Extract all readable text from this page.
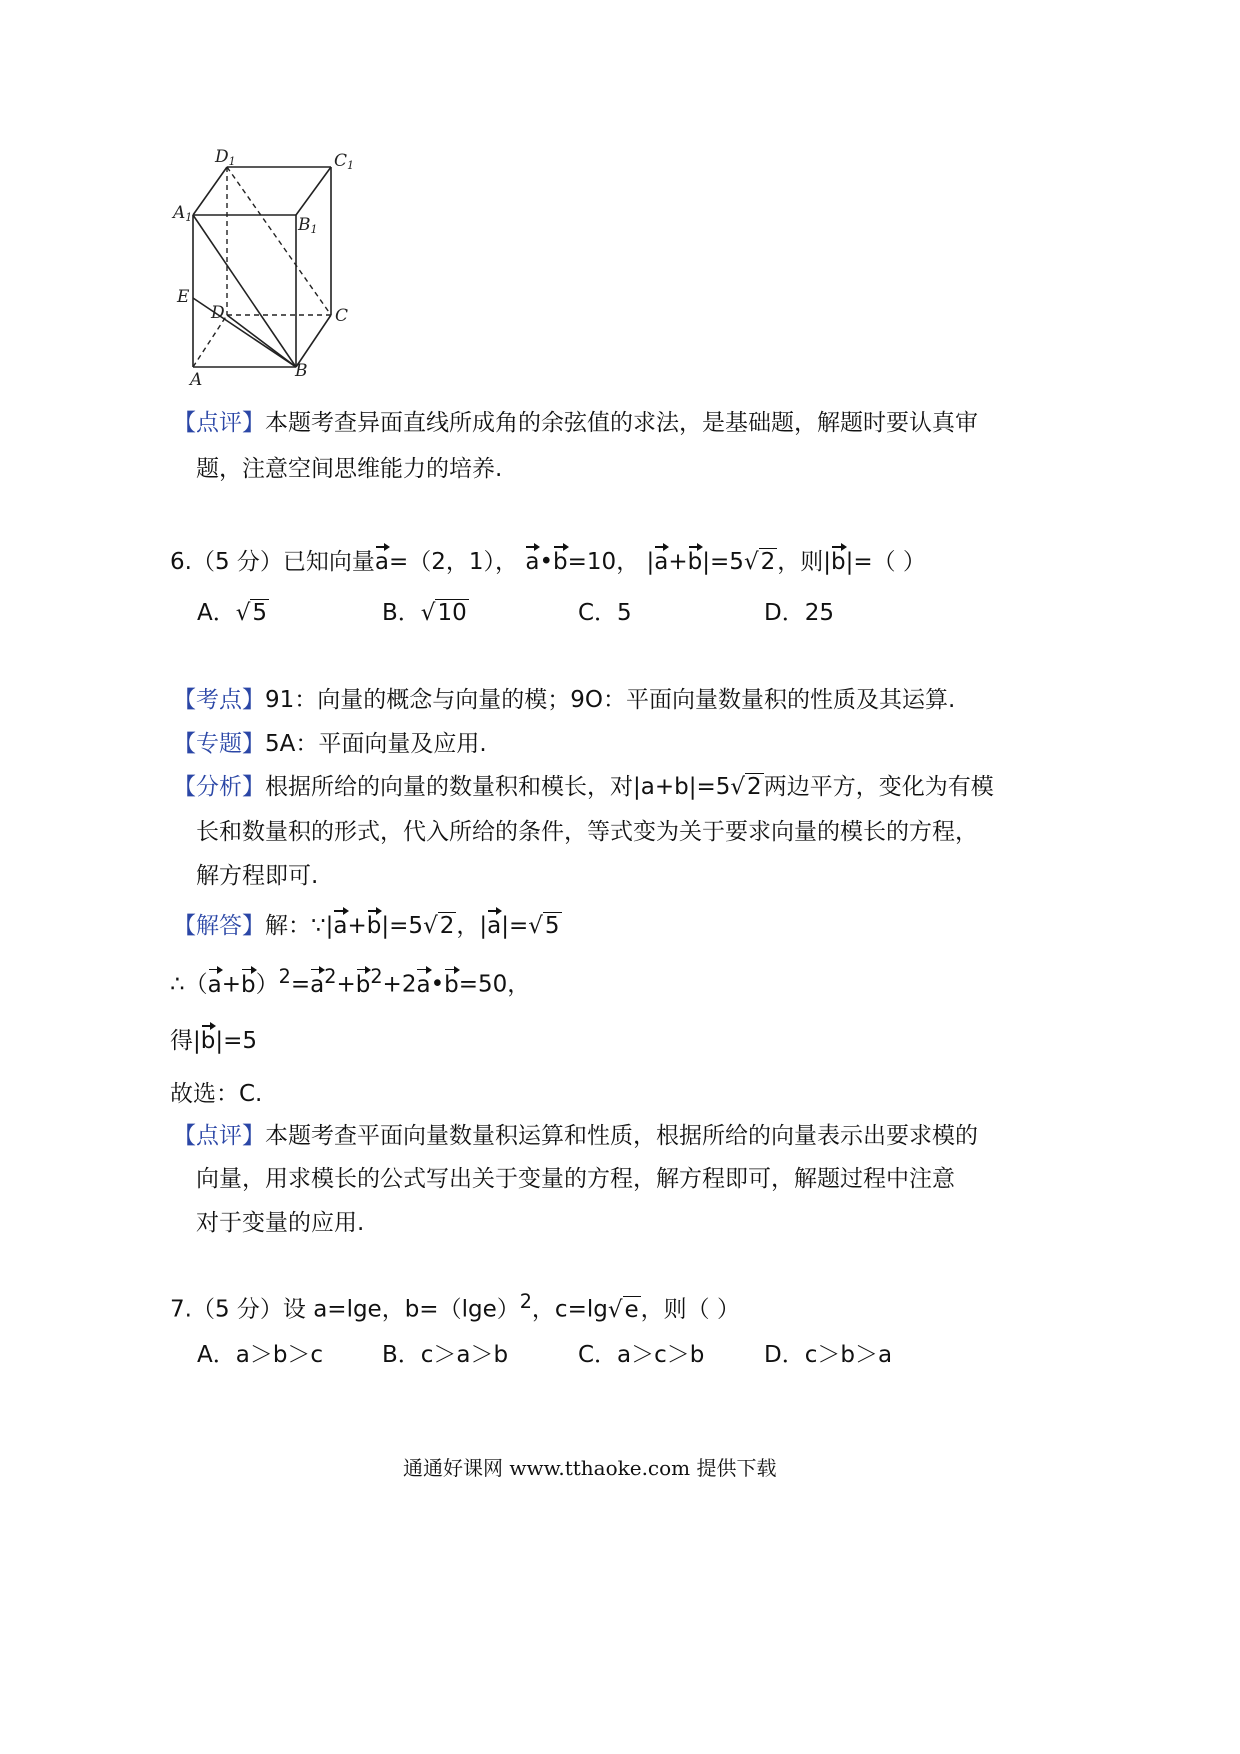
D1	C1
A1	B1
E
D	C
A	B
【点评】本题考查异面直线所成角的余弦值的求法，是基础题，解题时要认真审
题，注意空间思维能力的培养.
6.（5 分）已知向量a=（2，1）， a•b=10， |a+b|=5√2，则|b|=（ ）
A．√5	B．√10	C．5	D．25
【考点】91：向量的概念与向量的模；9O：平面向量数量积的性质及其运算.
【专题】5A：平面向量及应用.
【分析】根据所给的向量的数量积和模长，对|a+b|=5√2两边平方，变化为有模
长和数量积的形式，代入所给的条件，等式变为关于要求向量的模长的方程，
解方程即可.
【解答】解：∵|a+b|=5√2，|a|=√5
$\therefore(a+b)^2=a^2+b^2+2a•b=50$，
得|b|=5
故选：C.
【点评】本题考查平面向量数量积运算和性质，根据所给的向量表示出要求模的
向量，用求模长的公式写出关于变量的方程，解方程即可，解题过程中注意
对于变量的应用.
7.（5 分）设 a=lge，$b=(\lg e)^2$，c=lg√e，则（ ）
A．a＞b＞c	B．c＞a＞b	C．a＞c＞b	D．c＞b＞a
通通好课网 www.tthaoke.com 提供下载
